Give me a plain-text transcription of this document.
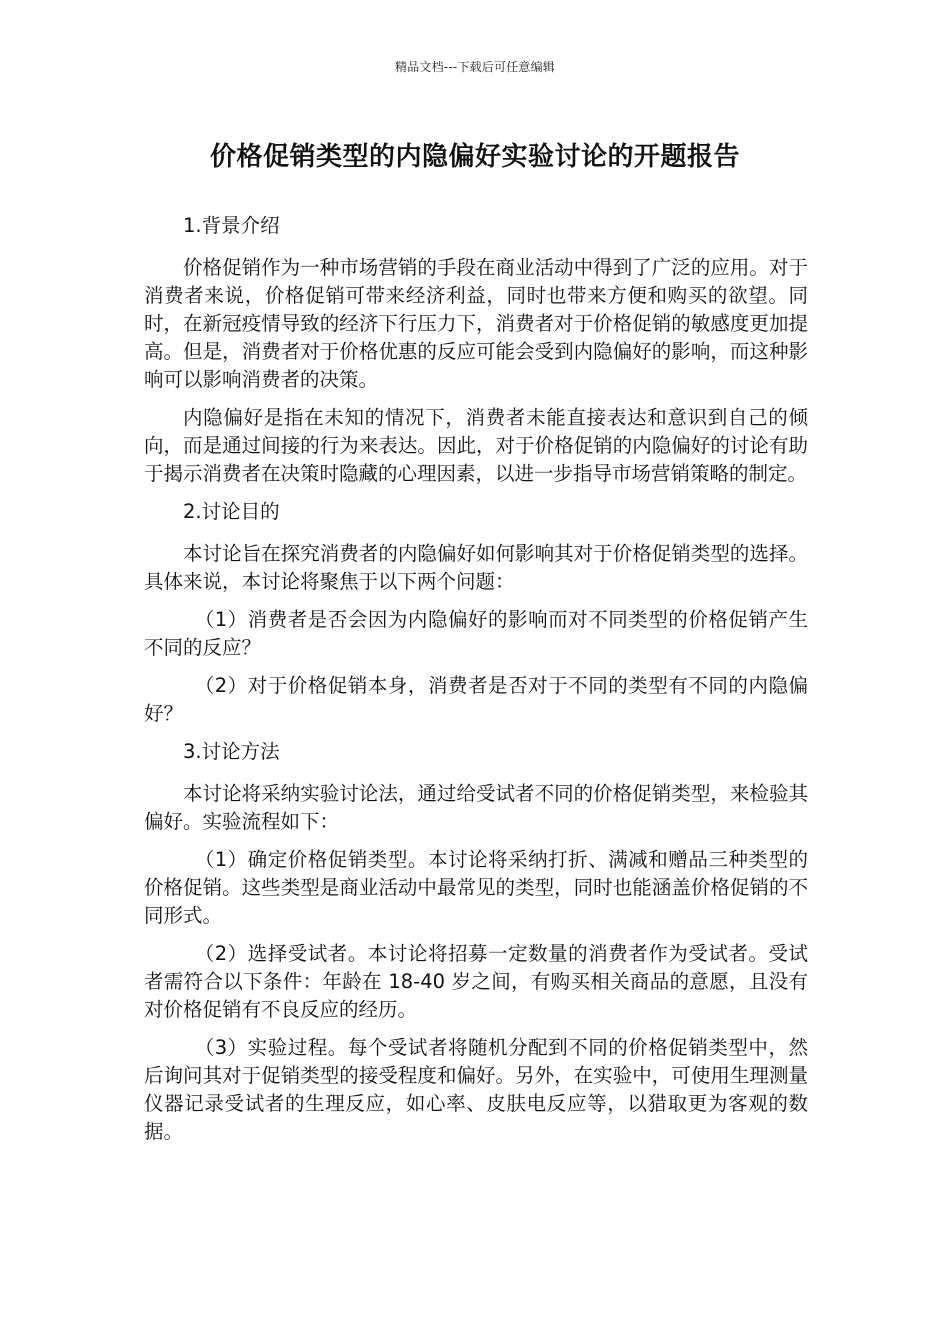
精品文档---下载后可任意编辑
价格促销类型的内隐偏好实验讨论的开题报告

1.背景介绍

价格促销作为一种市场营销的手段在商业活动中得到了广泛的应用。对于消费者来说，价格促销可带来经济利益，同时也带来方便和购买的欲望。同时，在新冠疫情导致的经济下行压力下，消费者对于价格促销的敏感度更加提高。但是，消费者对于价格优惠的反应可能会受到内隐偏好的影响，而这种影响可以影响消费者的决策。

内隐偏好是指在未知的情况下，消费者未能直接表达和意识到自己的倾向，而是通过间接的行为来表达。因此，对于价格促销的内隐偏好的讨论有助于揭示消费者在决策时隐藏的心理因素，以进一步指导市场营销策略的制定。

2.讨论目的

本讨论旨在探究消费者的内隐偏好如何影响其对于价格促销类型的选择。具体来说，本讨论将聚焦于以下两个问题：

（1）消费者是否会因为内隐偏好的影响而对不同类型的价格促销产生不同的反应？

（2）对于价格促销本身，消费者是否对于不同的类型有不同的内隐偏好？

3.讨论方法

本讨论将采纳实验讨论法，通过给受试者不同的价格促销类型，来检验其偏好。实验流程如下：

（1）确定价格促销类型。本讨论将采纳打折、满减和赠品三种类型的价格促销。这些类型是商业活动中最常见的类型，同时也能涵盖价格促销的不同形式。

（2）选择受试者。本讨论将招募一定数量的消费者作为受试者。受试者需符合以下条件：年龄在 18-40 岁之间，有购买相关商品的意愿，且没有对价格促销有不良反应的经历。

（3）实验过程。每个受试者将随机分配到不同的价格促销类型中，然后询问其对于促销类型的接受程度和偏好。另外，在实验中，可使用生理测量仪器记录受试者的生理反应，如心率、皮肤电反应等，以猎取更为客观的数据。
